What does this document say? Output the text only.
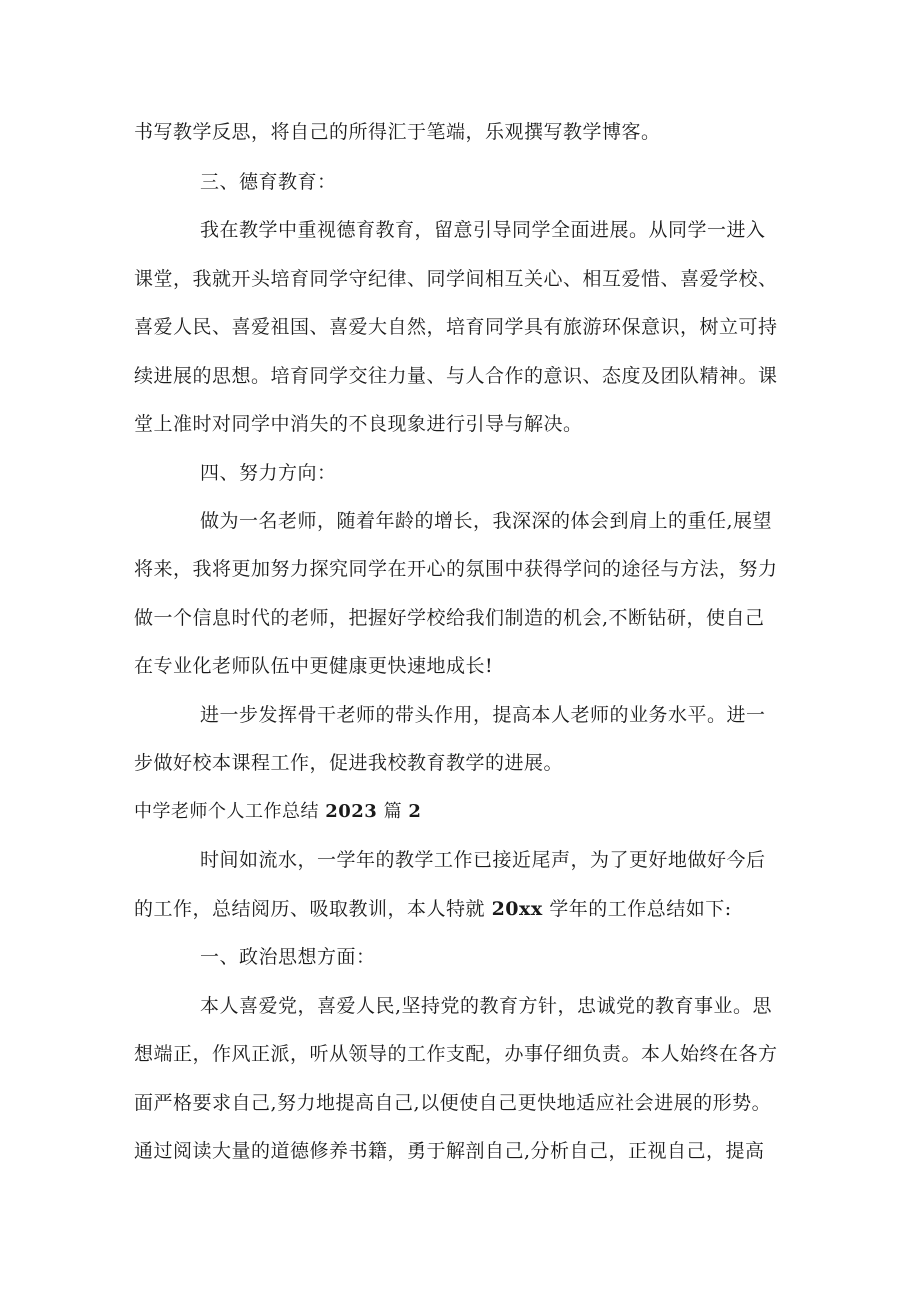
书写教学反思，将自己的所得汇于笔端，乐观撰写教学博客。
三、德育教育：
我在教学中重视德育教育，留意引导同学全面进展。从同学一进入
课堂，我就开头培育同学守纪律、同学间相互关心、相互爱惜、喜爱学校、
喜爱人民、喜爱祖国、喜爱大自然，培育同学具有旅游环保意识，树立可持
续进展的思想。培育同学交往力量、与人合作的意识、态度及团队精神。课
堂上准时对同学中消失的不良现象进行引导与解决。
四、努力方向：
做为一名老师，随着年龄的增长，我深深的体会到肩上的重任,展望
将来，我将更加努力探究同学在开心的氛围中获得学问的途径与方法，努力
做一个信息时代的老师，把握好学校给我们制造的机会,不断钻研，使自己
在专业化老师队伍中更健康更快速地成长!
进一步发挥骨干老师的带头作用，提高本人老师的业务水平。进一
步做好校本课程工作，促进我校教育教学的进展。
中学老师个人工作总结 2023 篇 2
时间如流水，一学年的教学工作已接近尾声，为了更好地做好今后
的工作，总结阅历、吸取教训，本人特就 20xx 学年的工作总结如下:
一、政治思想方面：
本人喜爱党，喜爱人民,坚持党的教育方针，忠诚党的教育事业。思
想端正，作风正派，听从领导的工作支配，办事仔细负责。本人始终在各方
面严格要求自己,努力地提高自己,以便使自己更快地适应社会进展的形势。
通过阅读大量的道德修养书籍，勇于解剖自己,分析自己，正视自己，提高
